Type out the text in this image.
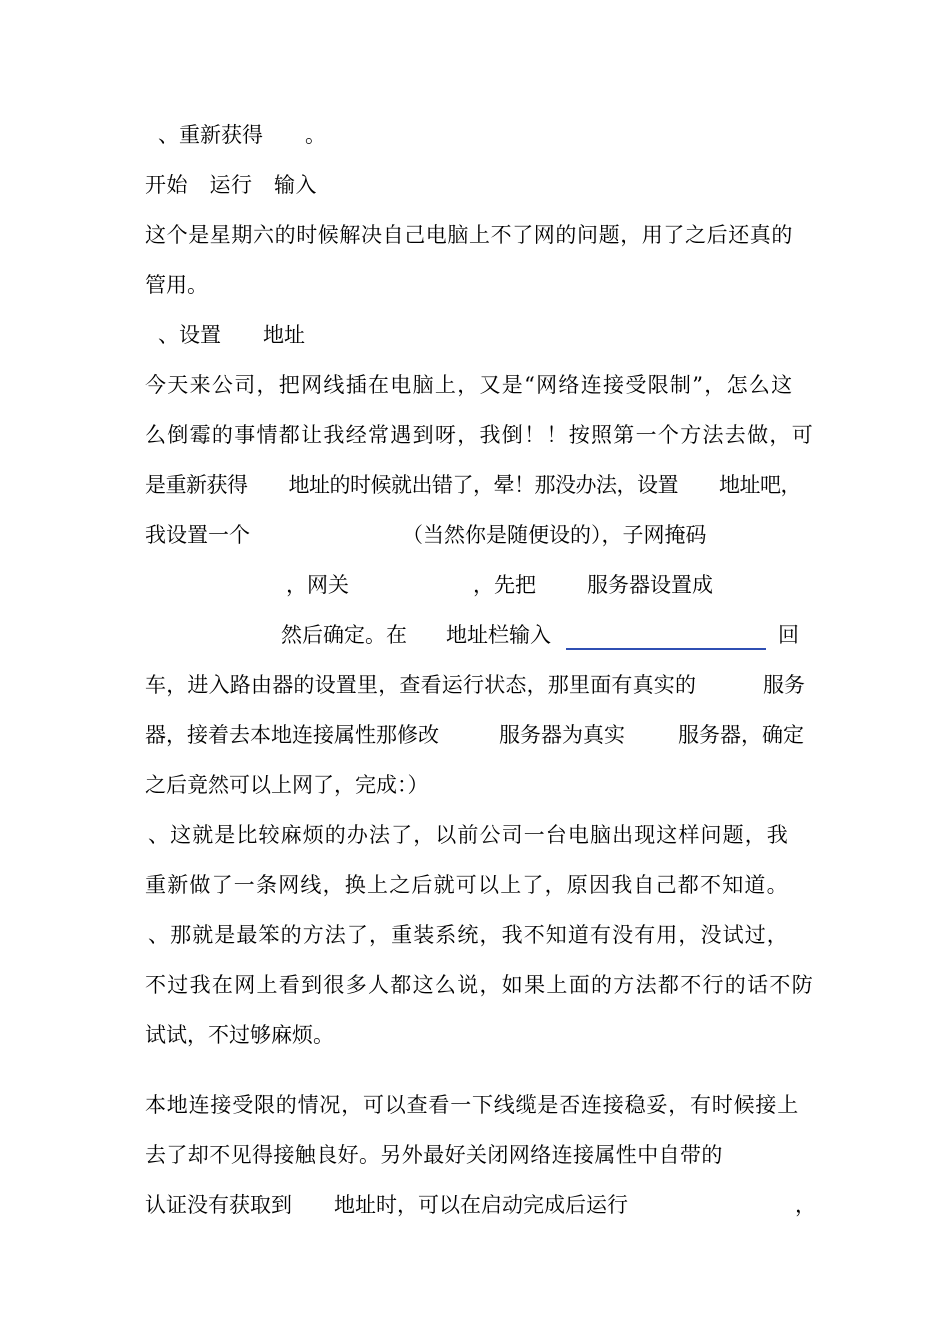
、重新获得　　。

开始　运行　输入

这个是星期六的时候解决自己电脑上不了网的问题，用了之后还真的

管用。

、设置　　地址

今天来公司，把网线插在电脑上，又是“网络连接受限制”，怎么这

么倒霉的事情都让我经常遇到呀，我倒！！按照第一个方法去做，可

是重新获得　　地址的时候就出错了，晕！那没办法，设置　　地址吧，

我设置一个	（当然你是随便设的），子网掩码

，网关	，先把 服务器设置成

然后确定。在 地址栏输入	回

车，进入路由器的设置里，查看运行状态，那里面有真实的	服务

器，接着去本地连接属性那修改	服务器为真实	服务器，确定

之后竟然可以上网了，完成：）

、这就是比较麻烦的办法了，以前公司一台电脑出现这样问题，我

重新做了一条网线，换上之后就可以上了，原因我自己都不知道。

、那就是最笨的方法了，重装系统，我不知道有没有用，没试过，

不过我在网上看到很多人都这么说，如果上面的方法都不行的话不防

试试，不过够麻烦。

本地连接受限的情况，可以查看一下线缆是否连接稳妥，有时候接上

去了却不见得接触良好。另外最好关闭网络连接属性中自带的

认证没有获取到 地址时，可以在启动完成后运行	，
